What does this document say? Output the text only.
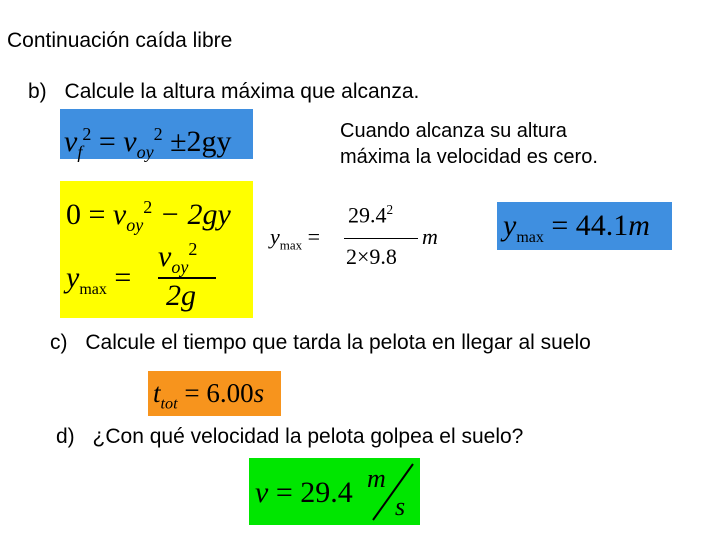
Continuación caída libre
b) Calcule la altura máxima que alcanza.
$v_f^2 = v_{oy}^2 \pm 2gy$	Cuando alcanza su altura
máxima la velocidad es cero.
$0 = v_{oy}^2 - 2gy$
$y_{max}$ =
$v_{oy}^2$
2g
$y_{max}$ =
$29.4^2$
2×9.8
m $y_{max} = 44.1m$
c) Calcule el tiempo que tarda la pelota en llegar al suelo
$t_{tot} = 6.00s$
d) ¿Con qué velocidad la pelota golpea el suelo?
v = 29.4 m
s
